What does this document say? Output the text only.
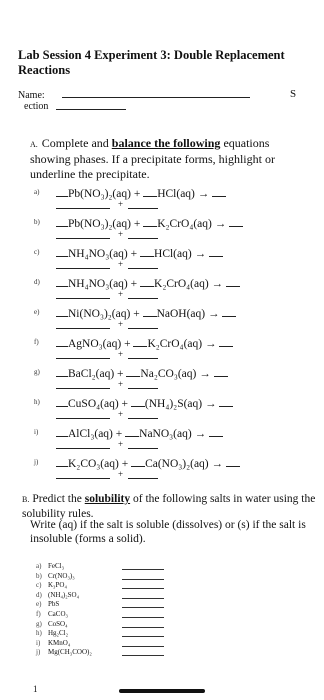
Lab Session 4 Experiment 3: Double Replacement Reactions
Name:	S
ection
A. Complete and balance the following equations showing phases. If a precipitate forms, highlight or underline the precipitate.
a)	Pb(NO₃)₂(aq) + HCl(aq) →
+
b)	Pb(NO₃)₂(aq) + K₂CrO₄(aq) →
+
c)	NH₄NO₃(aq) + HCl(aq) →
+
d)	NH₄NO₃(aq) + K₂CrO₄(aq) →
+
e)	Ni(NO₃)₂(aq) + NaOH(aq) →
+
f)	AgNO₃(aq) + K₂CrO₄(aq) →
+
g)	BaCl₂(aq) + Na₂CO₃(aq) →
+
h)	CuSO₄(aq) + (NH₄)₂S(aq) →
+
i)	AlCl₃(aq) + NaNO₃(aq) →
+
j)	K₂CO₃(aq) + Ca(NO₃)₂(aq) →
+
B. Predict the solubility of the following salts in water using the solubility rules.
Write (aq) if the salt is soluble (dissolves) or (s) if the salt is insoluble (forms a solid).
a) FeCl₃
b) Cr(NO₃)₃
c) K₃PO₄
d) (NH₄)₂SO₄
e) PbS
f) CaCO₃
g) CoSO₄
h) Hg₂Cl₂
i) KMnO₄
j) Mg(CH₃COO)₂
1
